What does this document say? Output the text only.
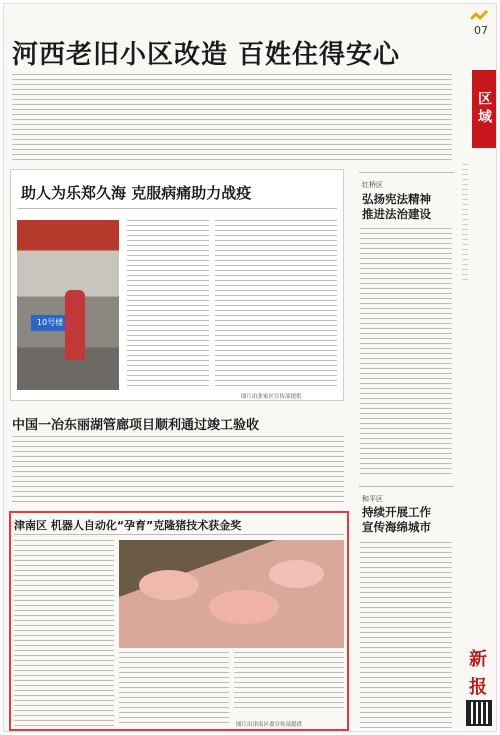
07
区域
新报
河西老旧小区改造 百姓住得安心
助人为乐郑久海 克服病痛助力战疫
10号楼
图片由张家区宣传部提供
中国一冶东丽湖管廊项目顺利通过竣工验收
津南区 机器人自动化“孕育”克隆猪技术获金奖
图片由津南区委宣传部提供
红桥区
弘扬宪法精神
推进法治建设
和平区
持续开展工作
宣传海绵城市
